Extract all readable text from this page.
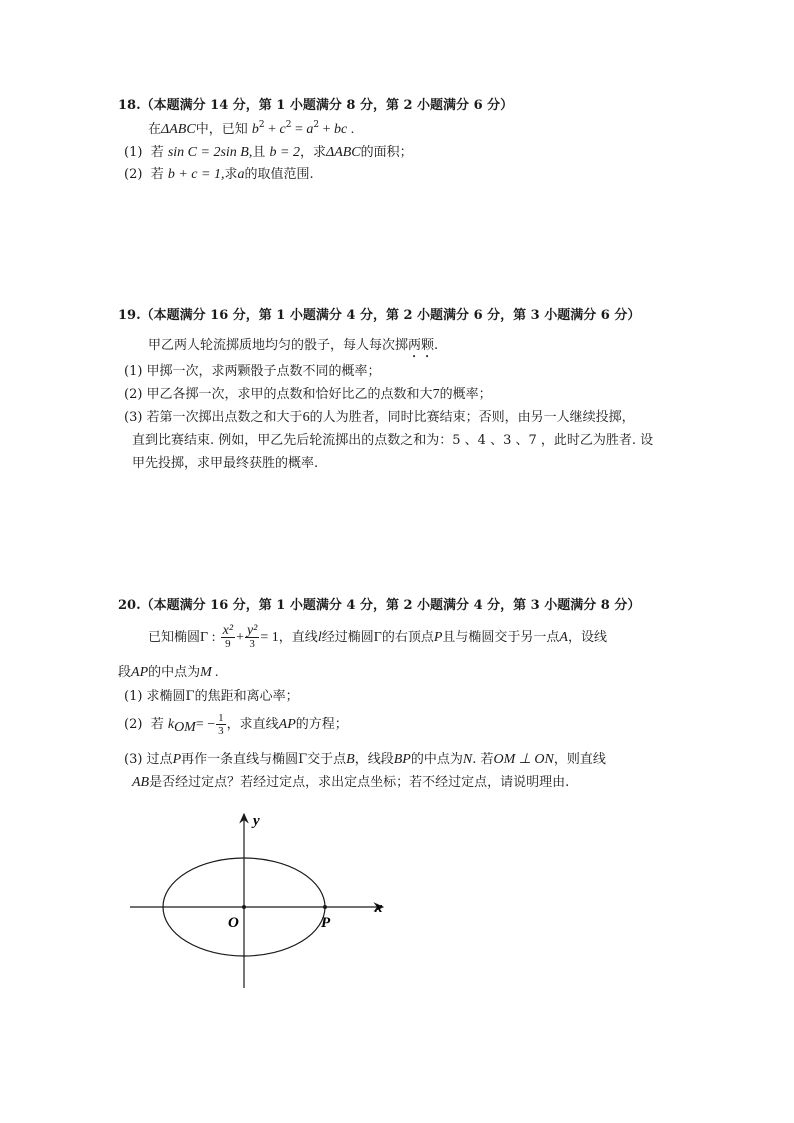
18.（本题满分 14 分，第 1 小题满分 8 分，第 2 小题满分 6 分）
在ΔABC中，已知 $b^2 + c^2 = a^2$ + bc .
(1) 若 sin C = 2sin B,且 b = 2，求ΔABC的面积；
(2) 若 b + c = 1,求a的取值范围.
19.（本题满分 16 分，第 1 小题满分 4 分，第 2 小题满分 6 分，第 3 小题满分 6 分）
甲乙两人轮流掷质地均匀的骰子，每人每次掷两颗.
(1) 甲掷一次，求两颗骰子点数不同的概率；
(2) 甲乙各掷一次，求甲的点数和恰好比乙的点数和大7的概率；
(3) 若第一次掷出点数之和大于6的人为胜者，同时比赛结束；否则，由另一人继续投掷，
直到比赛结束. 例如，甲乙先后轮流掷出的点数之和为：5 、4 、3 、7 ，此时乙为胜者. 设
甲先投掷，求甲最终获胜的概率.
20.（本题满分 16 分，第 1 小题满分 4 分，第 2 小题满分 4 分，第 3 小题满分 8 分）
已知椭圆Γ : $\frac{\text{x²}}{9} + \frac{\text{y²}}{3} = 1$，直线l经过椭圆Γ的右顶点P且与椭圆交于另一点A，设线
段AP的中点为M .
(1) 求椭圆Γ的焦距和离心率；
(2) 若 $k_{OM}= - \frac{1}{3}$ ，求直线AP的方程；
(3) 过点P再作一条直线与椭圆Γ交于点B，线段BP的中点为N. 若OM ⊥ ON，则直线
AB是否经过定点？若经过定点，求出定点坐标；若不经过定点，请说明理由.
y
x
O	P
